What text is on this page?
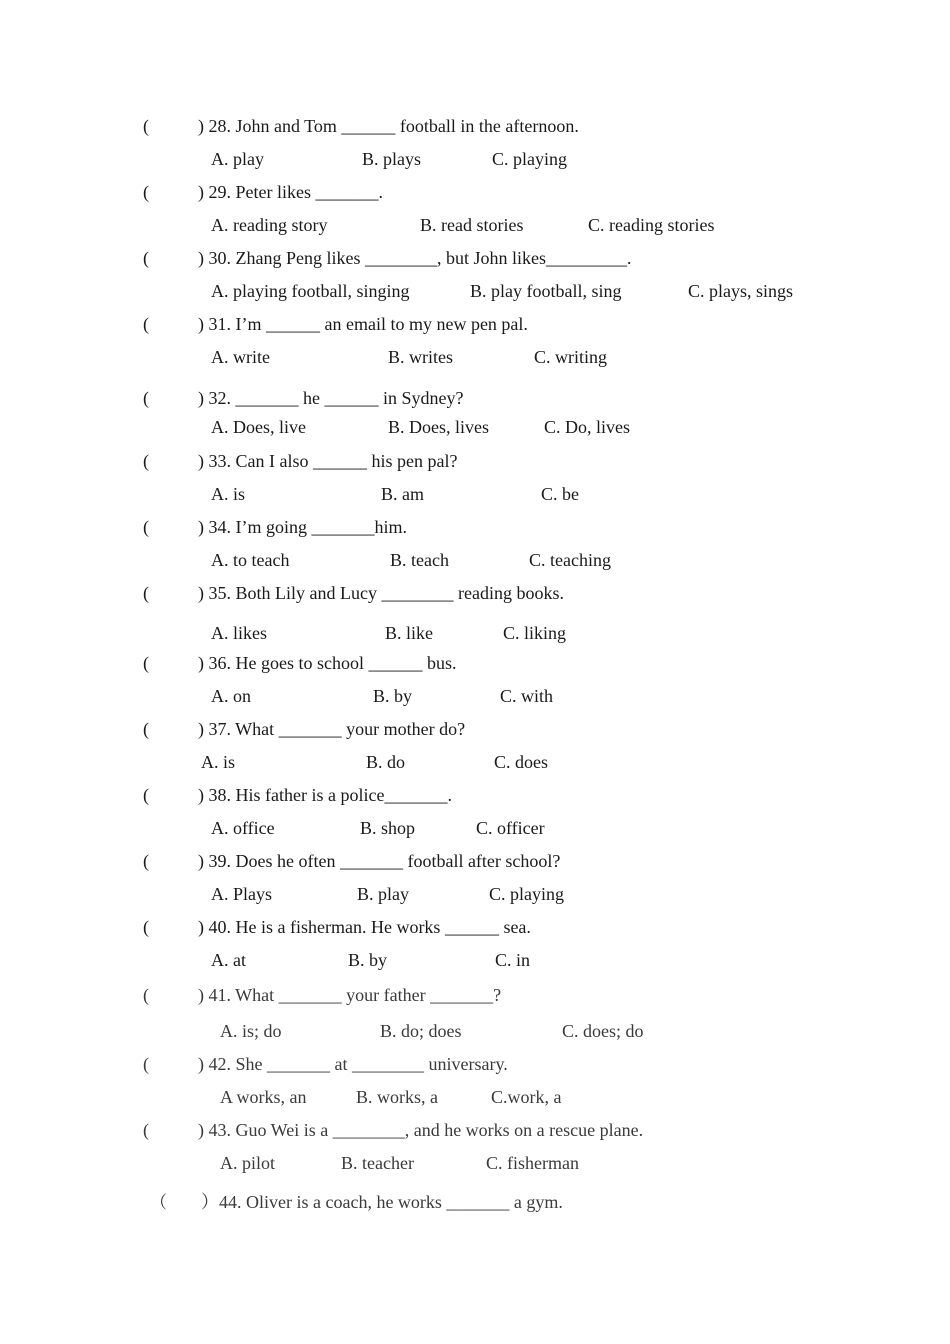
(	) 28. John and Tom ______ football in the afternoon.
A. play	B. plays	C. playing
(	) 29. Peter likes _______.
A. reading story	B. read stories	C. reading stories
(	) 30. Zhang Peng likes ________, but John likes_________.
A. playing football, singing	B. play football, sing	C. plays, sings
(	) 31. I’m ______ an email to my new pen pal.
A. write	B. writes	C. writing
(	) 32. _______ he ______ in Sydney?
A. Does, live	B. Does, lives	C. Do, lives
(	) 33. Can I also ______ his pen pal?
A. is	B. am	C. be
(	) 34. I’m going _______him.
A. to teach	B. teach	C. teaching
(	) 35. Both Lily and Lucy ________ reading books.
A. likes	B. like	C. liking
(	) 36. He goes to school ______ bus.
A. on	B. by	C. with
(	) 37. What _______ your mother do?
A. is	B. do	C. does
(	) 38. His father is a police_______.
A. office	B. shop	C. officer
(	) 39. Does he often _______ football after school?
A. Plays	B. play	C. playing
(	) 40. He is a fisherman. He works ______ sea.
A. at	B. by	C. in
(	) 41. What _______ your father _______?
A. is; do	B. do; does	C. does; do
(	) 42. She _______ at ________ universary.
A works, an	B. works, a	C.work, a
(	) 43. Guo Wei is a ________, and he works on a rescue plane.
A. pilot	B. teacher	C. fisherman
（ ）44. Oliver is a coach, he works _______ a gym.
